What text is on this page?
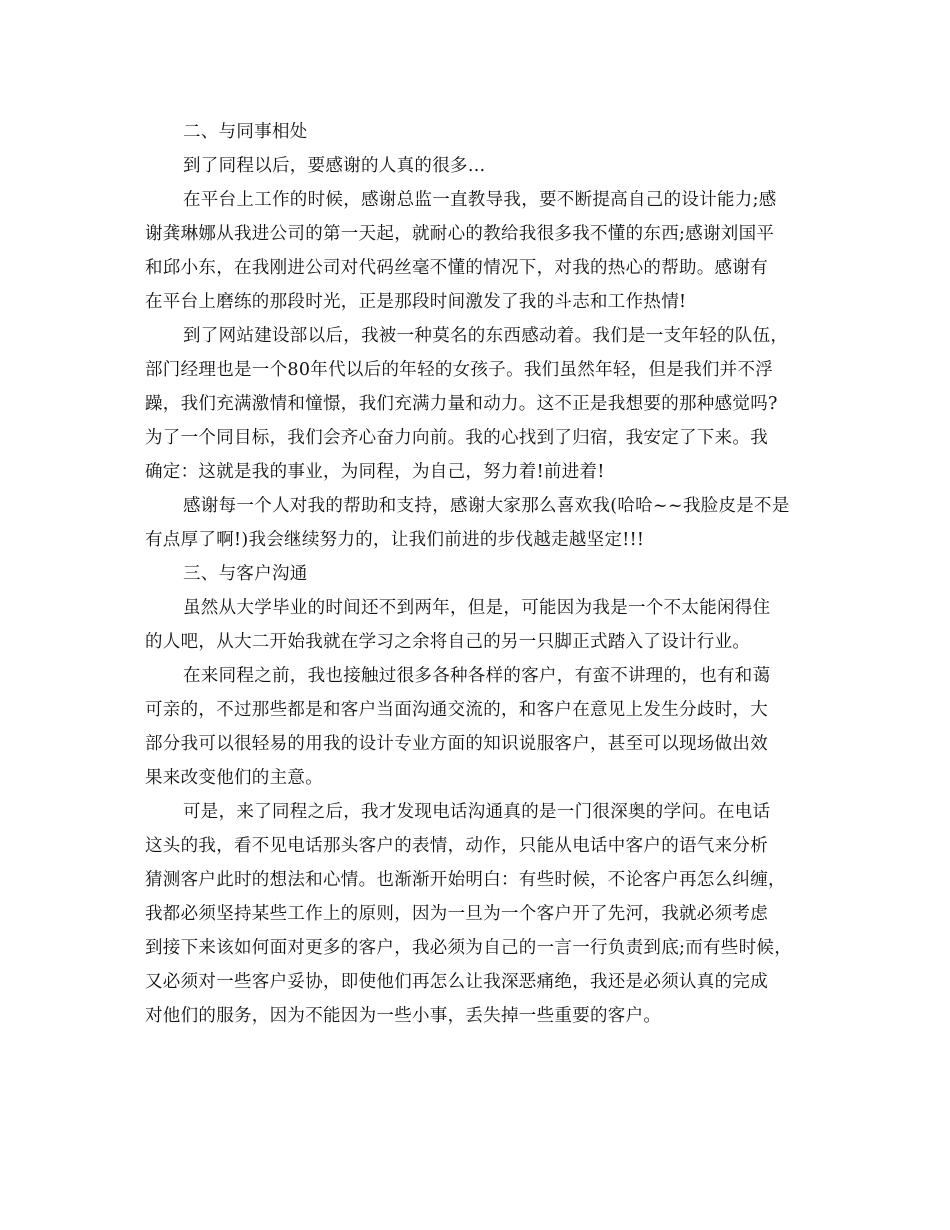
二、与同事相处
到了同程以后，要感谢的人真的很多…
在平台上工作的时候，感谢总监一直教导我，要不断提高自己的设计能力;感
谢龚琳娜从我进公司的第一天起，就耐心的教给我很多我不懂的东西;感谢刘国平
和邱小东，在我刚进公司对代码丝毫不懂的情况下，对我的热心的帮助。感谢有
在平台上磨练的那段时光，正是那段时间激发了我的斗志和工作热情!
到了网站建设部以后，我被一种莫名的东西感动着。我们是一支年轻的队伍，
部门经理也是一个80年代以后的年轻的女孩子。我们虽然年轻，但是我们并不浮
躁，我们充满激情和憧憬，我们充满力量和动力。这不正是我想要的那种感觉吗?
为了一个同目标，我们会齐心奋力向前。我的心找到了归宿，我安定了下来。我
确定：这就是我的事业，为同程，为自己，努力着!前进着!
感谢每一个人对我的帮助和支持，感谢大家那么喜欢我(哈哈~~我脸皮是不是
有点厚了啊!)我会继续努力的，让我们前进的步伐越走越坚定!!!
三、与客户沟通
虽然从大学毕业的时间还不到两年，但是，可能因为我是一个不太能闲得住
的人吧，从大二开始我就在学习之余将自己的另一只脚正式踏入了设计行业。
在来同程之前，我也接触过很多各种各样的客户，有蛮不讲理的，也有和蔼
可亲的，不过那些都是和客户当面沟通交流的，和客户在意见上发生分歧时，大
部分我可以很轻易的用我的设计专业方面的知识说服客户，甚至可以现场做出效
果来改变他们的主意。
可是，来了同程之后，我才发现电话沟通真的是一门很深奥的学问。在电话
这头的我，看不见电话那头客户的表情，动作，只能从电话中客户的语气来分析
猜测客户此时的想法和心情。也渐渐开始明白：有些时候，不论客户再怎么纠缠，
我都必须坚持某些工作上的原则，因为一旦为一个客户开了先河，我就必须考虑
到接下来该如何面对更多的客户，我必须为自己的一言一行负责到底;而有些时候，
又必须对一些客户妥协，即使他们再怎么让我深恶痛绝，我还是必须认真的完成
对他们的服务，因为不能因为一些小事，丢失掉一些重要的客户。
